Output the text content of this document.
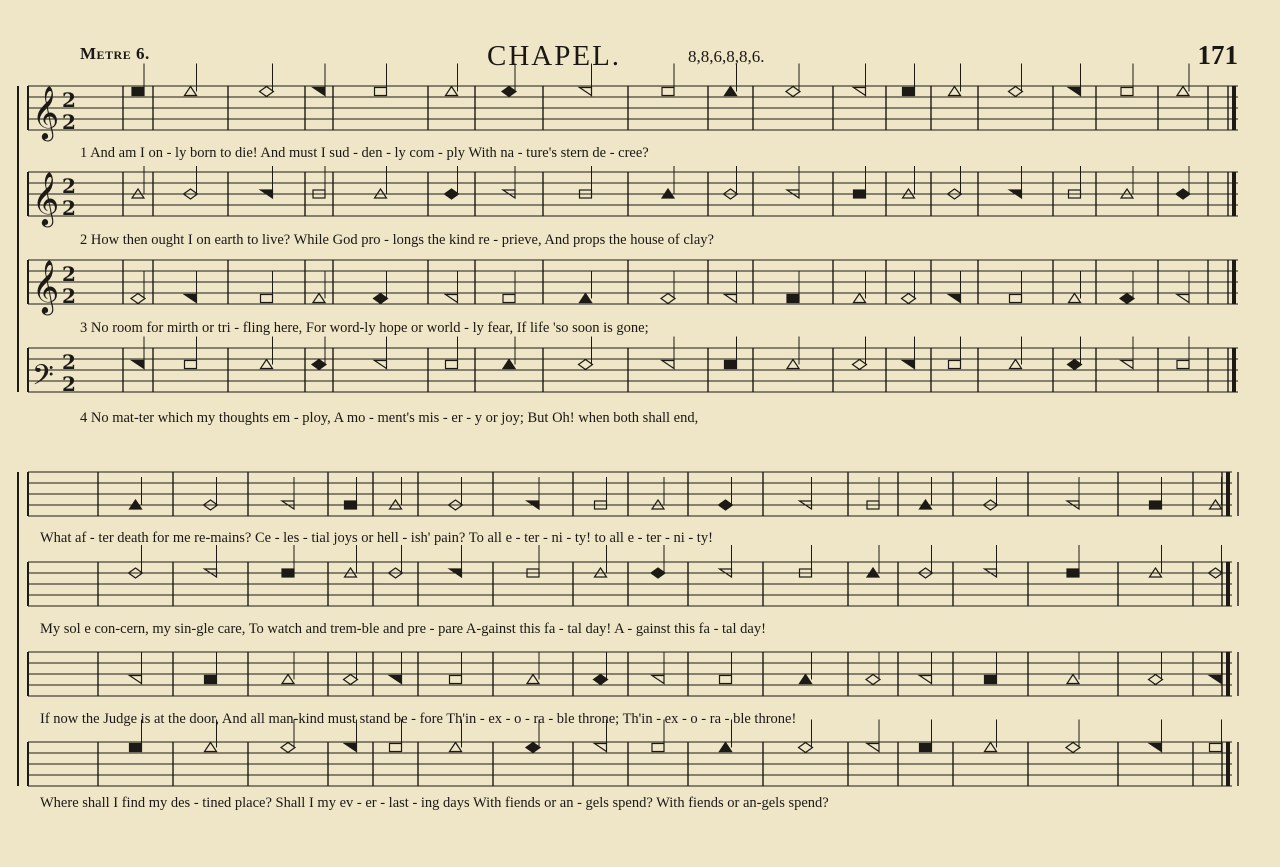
Metre 6.	CHAPEL.	8,8,6,8,8,6.	171
𝄞 2
2
𝄞 2
2
𝄞 2
2
𝄢 2
2
1 And am I on - ly born to die! And must I sud - den - ly com - ply With na - ture's stern de - cree?
2 How then ought I on earth to live? While God pro - longs the kind re - prieve, And props the house of clay?
3 No room for mirth or tri - fling here, For word-ly hope or world - ly fear, If life 'so soon is gone;
4 No mat-ter which my thoughts em - ploy, A mo - ment's mis - er - y or joy; But Oh! when both shall end,
What af - ter death for me re-mains? Ce - les - tial joys or hell - ish' pain? To all e - ter - ni - ty! to all e - ter - ni - ty!
My sol e con-cern, my sin-gle care, To watch and trem-ble and pre - pare A-gainst this fa - tal day! A - gainst this fa - tal day!
If now the Judge is at the door, And all man-kind must stand be - fore Th'in - ex - o - ra - ble throne; Th'in - ex - o - ra - ble throne!
Where shall I find my des - tined place? Shall I my ev - er - last - ing days With fiends or an - gels spend? With fiends or an-gels spend?
